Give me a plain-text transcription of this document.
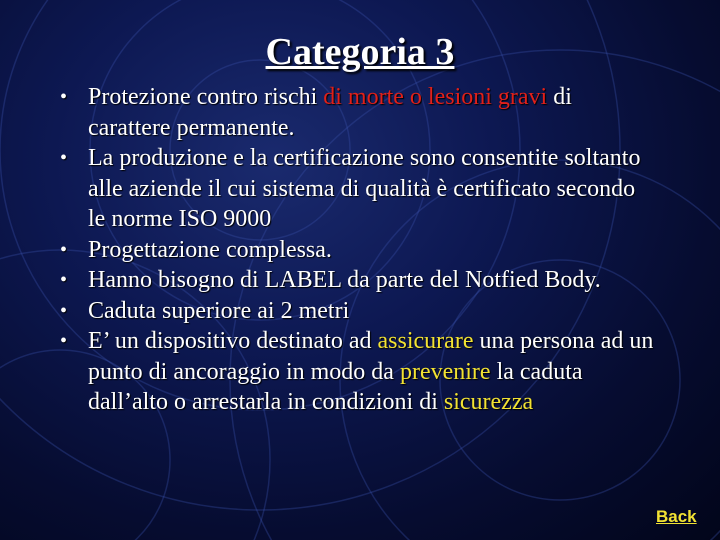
Categoria 3
• Protezione contro rischi di morte o lesioni gravi di carattere permanente.
• La produzione e la certificazione sono consentite soltanto alle aziende il cui sistema di qualità è certificato secondo le norme ISO 9000
• Progettazione complessa.
• Hanno bisogno di LABEL da parte del Notfied Body.
• Caduta superiore ai 2 metri
• E’ un dispositivo destinato ad assicurare una persona ad un punto di ancoraggio in modo da prevenire la caduta dall’alto o arrestarla in condizioni di sicurezza
Back
